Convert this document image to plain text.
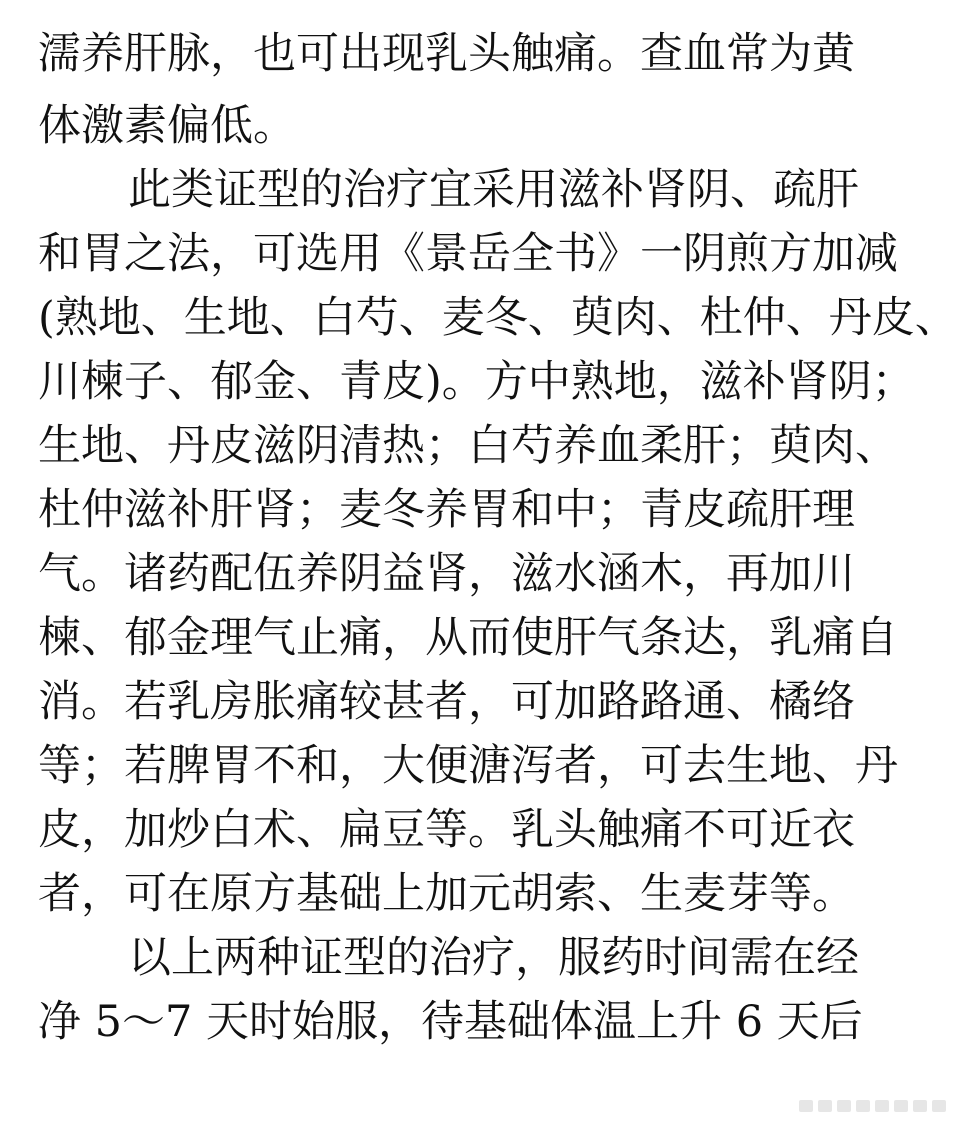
濡养肝脉，也可出现乳头触痛。查血常为黄
体激素偏低。
此类证型的治疗宜采用滋补肾阴、疏肝
和胃之法，可选用《景岳全书》一阴煎方加减
(熟地、生地、白芍、麦冬、萸肉、杜仲、丹皮、
川楝子、郁金、青皮)。方中熟地，滋补肾阴；
生地、丹皮滋阴清热；白芍养血柔肝；萸肉、
杜仲滋补肝肾；麦冬养胃和中；青皮疏肝理
气。诸药配伍养阴益肾，滋水涵木，再加川
楝、郁金理气止痛，从而使肝气条达，乳痛自
消。若乳房胀痛较甚者，可加路路通、橘络
等；若脾胃不和，大便溏泻者，可去生地、丹
皮，加炒白术、扁豆等。乳头触痛不可近衣
者，可在原方基础上加元胡索、生麦芽等。
以上两种证型的治疗，服药时间需在经
净 5～7 天时始服，待基础体温上升 6 天后
